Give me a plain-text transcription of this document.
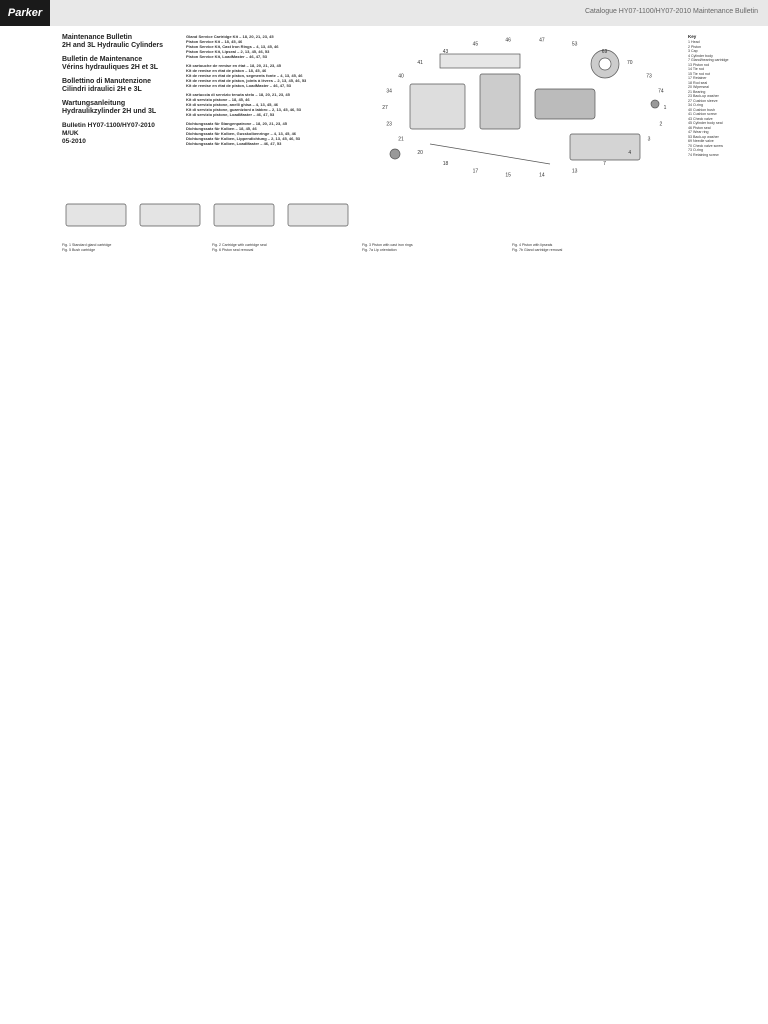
Parker	Catalogue HY07-1100/HY07-2010 Maintenance Bulletin
Maintenance Bulletin
2H and 3L Hydraulic Cylinders
Bulletin de Maintenance
Vérins hydrauliques 2H et 3L
Bollettino di Manutenzione
Cilindri idraulici 2H e 3L
Wartungsanleitung
Hydraulikzylinder 2H und 3L
Bulletin HY07-1100/HY07-2010
M/UK
05-2010
Gland Service Cartridge Kit – 18, 20, 21, 23, 45
Piston Service Kit – 18, 45, 46
Piston Service Kit, Cast Iron Rings – 4, 13, 45, 46
Piston Service Kit, Lipseal – 2, 13, 45, 46, 53
Piston Service Kit, LoadMaster – 46, 47, 53
Kit cartouche de remise en état – 18, 20, 21, 23, 45
Kit de remise en état de piston – 18, 45, 46
Kit de remise en état de piston, segments fonte – 4, 13, 45, 46
Kit de remise en état de piston, joints à lèvres – 2, 13, 45, 46, 53
Kit de remise en état de piston, LoadMaster – 46, 47, 53
Kit cartuccia di servizio tenuta stelo – 18, 20, 21, 23, 45
Kit di servizio pistone – 18, 45, 46
Kit di servizio pistone, anelli ghisa – 4, 13, 45, 46
Kit di servizio pistone, guarnizioni a labbro – 2, 13, 45, 46, 53
Kit di servizio pistone, LoadMaster – 46, 47, 53
Dichtungssatz für Stangenpatrone – 18, 20, 21, 23, 45
Dichtungssatz für Kolben – 18, 45, 46
Dichtungssatz für Kolben, Gusskolbenringe – 4, 13, 45, 46
Dichtungssatz für Kolben, Lippendichtung – 2, 13, 45, 46, 53
Dichtungssatz für Kolben, LoadMaster – 46, 47, 53
1
2
3
4
7
13
14
15
17
18
20
21
23
27
34
40
41
43
45
46	47
53
69
70
73
74
Key
1 Head
2 Piston
3 Cap
4 Cylinder body
7 Gland/bearing cartridge
13 Piston rod
14 Tie rod
15 Tie rod nut
17 Retainer
18 Rod seal
20 Wiperseal
21 Bearing
23 Back-up washer
27 Cushion sleeve
34 O-ring
40 Cushion bush
41 Cushion screw
43 Check valve
45 Cylinder body seal
46 Piston seal
47 Wear ring
53 Back-up washer
69 Needle valve
70 Check valve screw
73 O-ring
74 Retaining screw
Fig. 1 Standard gland cartridge	Fig. 2 Cartridge with cartridge seal	Fig. 3 Piston with cast iron rings	Fig. 4 Piston with lipseals
Fig. 5 Bush cartridge	Fig. 6 Piston seal removal	Fig. 7a Lip orientation	Fig. 7b Gland cartridge removal
